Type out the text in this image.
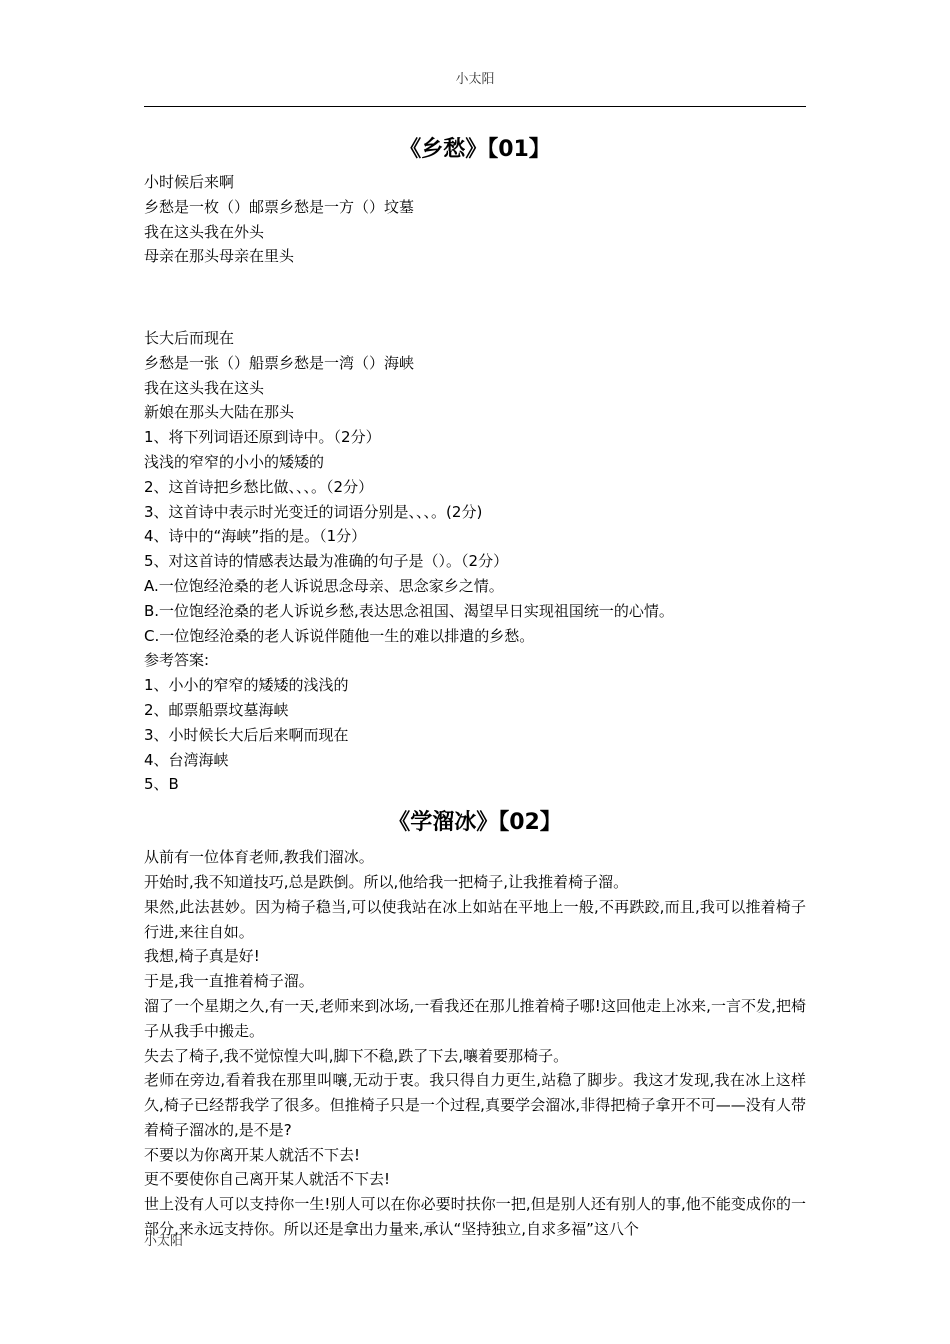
小太阳
《乡愁》【01】

小时候后来啊

乡愁是一枚（）邮票乡愁是一方（）坟墓

我在这头我在外头

母亲在那头母亲在里头

长大后而现在

乡愁是一张（）船票乡愁是一湾（）海峡

我在这头我在这头

新娘在那头大陆在那头

1、将下列词语还原到诗中。（2分）

浅浅的窄窄的小小的矮矮的

2、这首诗把乡愁比做、、、。（2分）

3、这首诗中表示时光变迁的词语分别是、、、。(2分)

4、诗中的“海峡”指的是。（1分）

5、对这首诗的情感表达最为准确的句子是（）。（2分）

A.一位饱经沧桑的老人诉说思念母亲、思念家乡之情。

B.一位饱经沧桑的老人诉说乡愁,表达思念祖国、渴望早日实现祖国统一的心情。

C.一位饱经沧桑的老人诉说伴随他一生的难以排遣的乡愁。

参考答案:

1、小小的窄窄的矮矮的浅浅的

2、邮票船票坟墓海峡

3、小时候长大后后来啊而现在

4、台湾海峡

5、B

《学溜冰》【02】

从前有一位体育老师,教我们溜冰。

开始时,我不知道技巧,总是跌倒。所以,他给我一把椅子,让我推着椅子溜。

果然,此法甚妙。因为椅子稳当,可以使我站在冰上如站在平地上一般,不再跌跤,而且,我可以推着椅子行进,来往自如。

我想,椅子真是好!

于是,我一直推着椅子溜。

溜了一个星期之久,有一天,老师来到冰场,一看我还在那儿推着椅子哪!这回他走上冰来,一言不发,把椅子从我手中搬走。

失去了椅子,我不觉惊惶大叫,脚下不稳,跌了下去,嚷着要那椅子。

老师在旁边,看着我在那里叫嚷,无动于衷。我只得自力更生,站稳了脚步。我这才发现,我在冰上这样久,椅子已经帮我学了很多。但推椅子只是一个过程,真要学会溜冰,非得把椅子拿开不可——没有人带着椅子溜冰的,是不是?

不要以为你离开某人就活不下去!

更不要使你自己离开某人就活不下去!

世上没有人可以支持你一生!别人可以在你必要时扶你一把,但是别人还有别人的事,他不能变成你的一部分,来永远支持你。所以还是拿出力量来,承认“坚持独立,自求多福”这八个

小太阳
